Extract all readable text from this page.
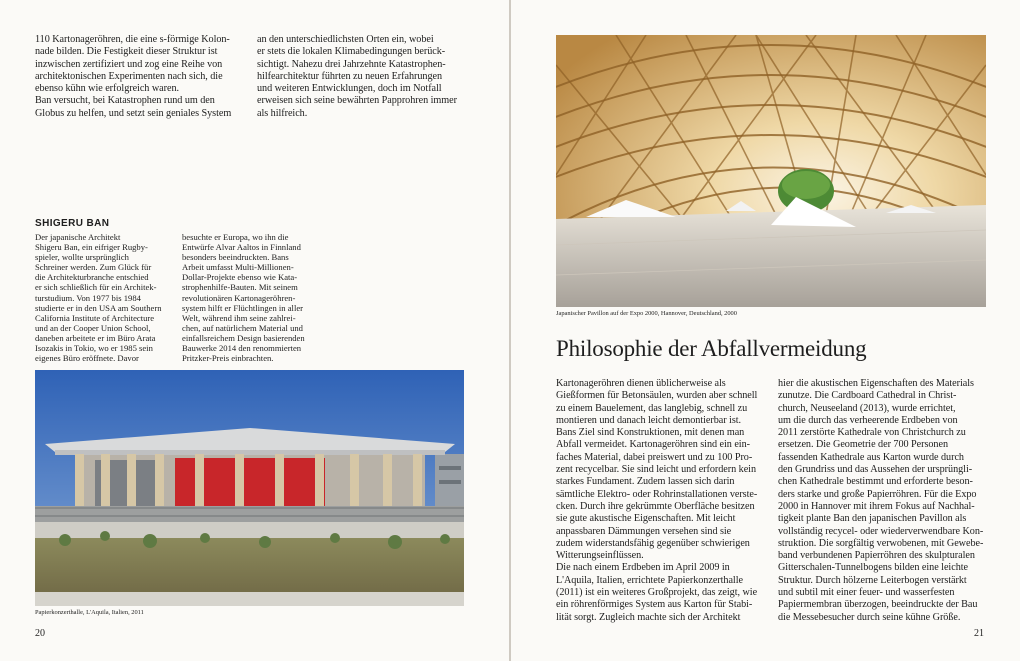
110 Kartonageröhren, die eine s-förmige Kolon-
nade bilden. Die Festigkeit dieser Struktur ist
inzwischen zertifiziert und zog eine Reihe von
architektonischen Experimenten nach sich, die
ebenso kühn wie erfolgreich waren.
Ban versucht, bei Katastrophen rund um den
Globus zu helfen, und setzt sein geniales System
an den unterschiedlichsten Orten ein, wobei
er stets die lokalen Klimabedingungen berück-
sichtigt. Nahezu drei Jahrzehnte Katastrophen-
hilfearchitektur führten zu neuen Erfahrungen
und weiteren Entwicklungen, doch im Notfall
erweisen sich seine bewährten Papprohren immer
als hilfreich.
SHIGERU BAN
Der japanische Architekt
Shigeru Ban, ein eifriger Rugby-
spieler, wollte ursprünglich
Schreiner werden. Zum Glück für
die Architekturbranche entschied
er sich schließlich für ein Architek-
turstudium. Von 1977 bis 1984
studierte er in den USA am Southern
California Institute of Architecture
und an der Cooper Union School,
daneben arbeitete er im Büro Arata
Isozakis in Tokio, wo er 1985 sein
eigenes Büro eröffnete. Davor
besuchte er Europa, wo ihn die
Entwürfe Alvar Aaltos in Finnland
besonders beeindruckten. Bans
Arbeit umfasst Multi-Millionen-
Dollar-Projekte ebenso wie Kata-
strophenhilfe-Bauten. Mit seinem
revolutionären Kartonageröhren-
system hilft er Flüchtlingen in aller
Welt, während ihm seine zahlrei-
chen, auf natürlichem Material und
einfallsreichem Design basierenden
Bauwerke 2014 den renommierten
Pritzker-Preis einbrachten.
Papierkonzerthalle, L'Aquila, Italien, 2011
20
Japanischer Pavillon auf der Expo 2000, Hannover, Deutschland, 2000
Philosophie der Abfallvermeidung
Kartonageröhren dienen üblicherweise als
Gießformen für Betonsäulen, wurden aber schnell
zu einem Bauelement, das langlebig, schnell zu
montieren und danach leicht demontierbar ist.
Bans Ziel sind Konstruktionen, mit denen man
Abfall vermeidet. Kartonageröhren sind ein ein-
faches Material, dabei preiswert und zu 100 Pro-
zent recycelbar. Sie sind leicht und erfordern kein
starkes Fundament. Zudem lassen sich darin
sämtliche Elektro- oder Rohrinstallationen verste-
cken. Durch ihre gekrümmte Oberfläche besitzen
sie gute akustische Eigenschaften. Mit leicht
anpassbaren Dämmungen versehen sind sie
zudem widerstandsfähig gegenüber schwierigen
Witterungseinflüssen.
Die nach einem Erdbeben im April 2009 in
L'Aquila, Italien, errichtete Papierkonzerthalle
(2011) ist ein weiteres Großprojekt, das zeigt, wie
ein röhrenförmiges System aus Karton für Stabi-
lität sorgt. Zugleich machte sich der Architekt
hier die akustischen Eigenschaften des Materials
zunutze. Die Cardboard Cathedral in Christ-
church, Neuseeland (2013), wurde errichtet,
um die durch das verheerende Erdbeben von
2011 zerstörte Kathedrale von Christchurch zu
ersetzen. Die Geometrie der 700 Personen
fassenden Kathedrale aus Karton wurde durch
den Grundriss und das Aussehen der ursprüngli-
chen Kathedrale bestimmt und erforderte beson-
ders starke und große Papierröhren. Für die Expo
2000 in Hannover mit ihrem Fokus auf Nachhal-
tigkeit plante Ban den japanischen Pavillon als
vollständig recycel- oder wiederverwendbare Kon-
struktion. Die sorgfältig verwobenen, mit Gewebe-
band verbundenen Papierröhren des skulpturalen
Gitterschalen-Tunnelbogens bilden eine leichte
Struktur. Durch hölzerne Leiterbogen verstärkt
und subtil mit einer feuer- und wasserfesten
Papiermembran überzogen, beeindruckte der Bau
die Messebesucher durch seine kühne Größe.
21
